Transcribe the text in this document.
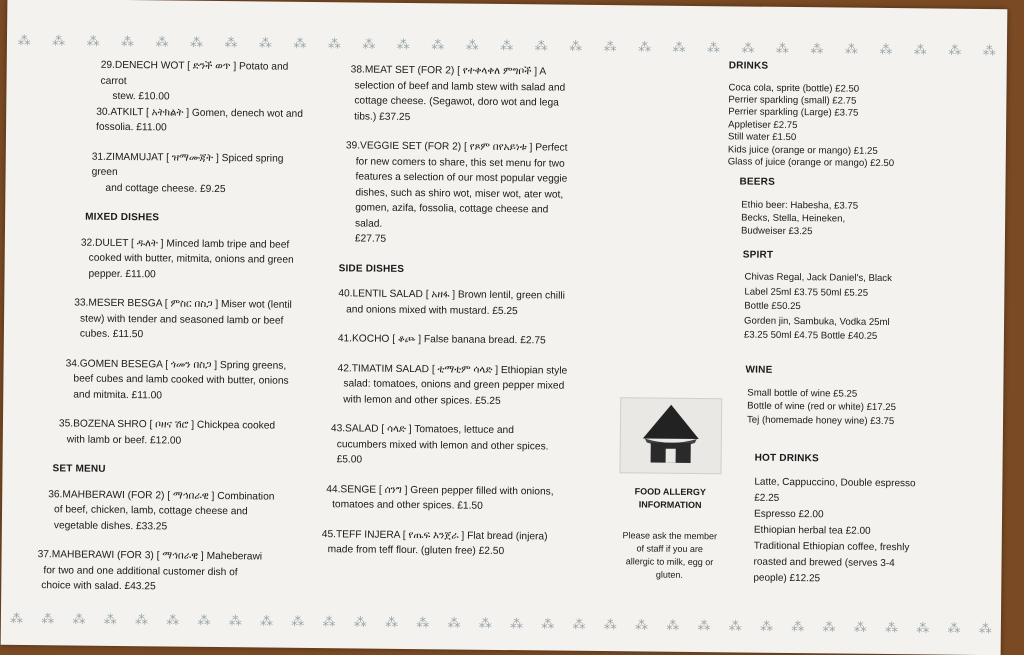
⁂ ⁂ ⁂ ⁂ ⁂ ⁂ ⁂ ⁂ ⁂ ⁂ ⁂ ⁂ ⁂ ⁂ ⁂ ⁂ ⁂ ⁂ ⁂ ⁂ ⁂ ⁂ ⁂ ⁂ ⁂ ⁂ ⁂ ⁂ ⁂
29.DENECH WOT [ ድንች ወጥ ] Potato and carrot
stew. £10.00
30.ATKILT [ አትክልት ] Gomen, denech wot and
fossolia. £11.00
31.ZIMAMUJAT [ ዝማሙጃት ] Spiced spring green
and cottage cheese. £9.25
MIXED DISHES
32.DULET [ ዱለት ] Minced lamb tripe and beef
cooked with butter, mitmita, onions and green
pepper. £11.00
33.MESER BESGA [ ምስር በስጋ ] Miser wot (lentil
stew) with tender and seasoned lamb or beef
cubes. £11.50
34.GOMEN BESEGA [ ጎመን በስጋ ] Spring greens,
beef cubes and lamb cooked with butter, onions
and mitmita. £11.00
35.BOZENA SHRO [ ቦዘና ሽሮ ] Chickpea cooked
with lamb or beef. £12.00
SET MENU
36.MAHBERAWI (FOR 2) [ ማኅበራዊ ] Combination
of beef, chicken, lamb, cottage cheese and
vegetable dishes. £33.25
37.MAHBERAWI (FOR 3) [ ማኅበራዊ ] Maheberawi
for two and one additional customer dish of
choice with salad. £43.25
38.MEAT SET (FOR 2) [ የተቀላቀለ ምግቦች ] A
selection of beef and lamb stew with salad and
cottage cheese. (Segawot, doro wot and lega
tibs.) £37.25
39.VEGGIE SET (FOR 2) [ የጾም በየአይነቱ ] Perfect
for new comers to share, this set menu for two
features a selection of our most popular veggie
dishes, such as shiro wot, miser wot, ater wot,
gomen, azifa, fossolia, cottage cheese and salad.
£27.75
SIDE DISHES
40.LENTIL SALAD [ አዘፋ ] Brown lentil, green chilli
and onions mixed with mustard. £5.25
41.KOCHO [ ቆጮ ] False banana bread. £2.75
42.TIMATIM SALAD [ ቲማቲም ሳላድ ] Ethiopian style
salad: tomatoes, onions and green pepper mixed
with lemon and other spices. £5.25
43.SALAD [ ሳላድ ] Tomatoes, lettuce and
cucumbers mixed with lemon and other spices.
£5.00
44.SENGE [ ሰንግ ] Green pepper filled with onions,
tomatoes and other spices. £1.50
45.TEFF INJERA [ የጤፍ እንጀራ ] Flat bread (injera)
made from teff flour. (gluten free) £2.50
FOOD ALLERGY
INFORMATION
Please ask the member
of staff if you are
allergic to milk, egg or
gluten.
DRINKS
Coca cola, sprite (bottle) £2.50
Perrier sparkling (small) £2.75
Perrier sparkling (Large) £3.75
Appletiser £2.75
Still water £1.50
Kids juice (orange or mango) £1.25
Glass of juice (orange or mango) £2.50
BEERS
Ethio beer: Habesha, £3.75
Becks, Stella, Heineken,
Budweiser £3.25
SPIRT
Chivas Regal, Jack Daniel's, Black
Label 25ml £3.75 50ml £5.25
Bottle £50.25
Gorden jin, Sambuka, Vodka 25ml
£3.25 50ml £4.75 Bottle £40.25
WINE
Small bottle of wine £5.25
Bottle of wine (red or white) £17.25
Tej (homemade honey wine) £3.75
HOT DRINKS
Latte, Cappuccino, Double espresso
£2.25
Espresso £2.00
Ethiopian herbal tea £2.00
Traditional Ethiopian coffee, freshly
roasted and brewed (serves 3-4
people) £12.25
⁂ ⁂ ⁂ ⁂ ⁂ ⁂ ⁂ ⁂ ⁂ ⁂ ⁂ ⁂ ⁂ ⁂ ⁂ ⁂ ⁂ ⁂ ⁂ ⁂ ⁂ ⁂ ⁂ ⁂ ⁂ ⁂ ⁂ ⁂ ⁂ ⁂ ⁂ ⁂
